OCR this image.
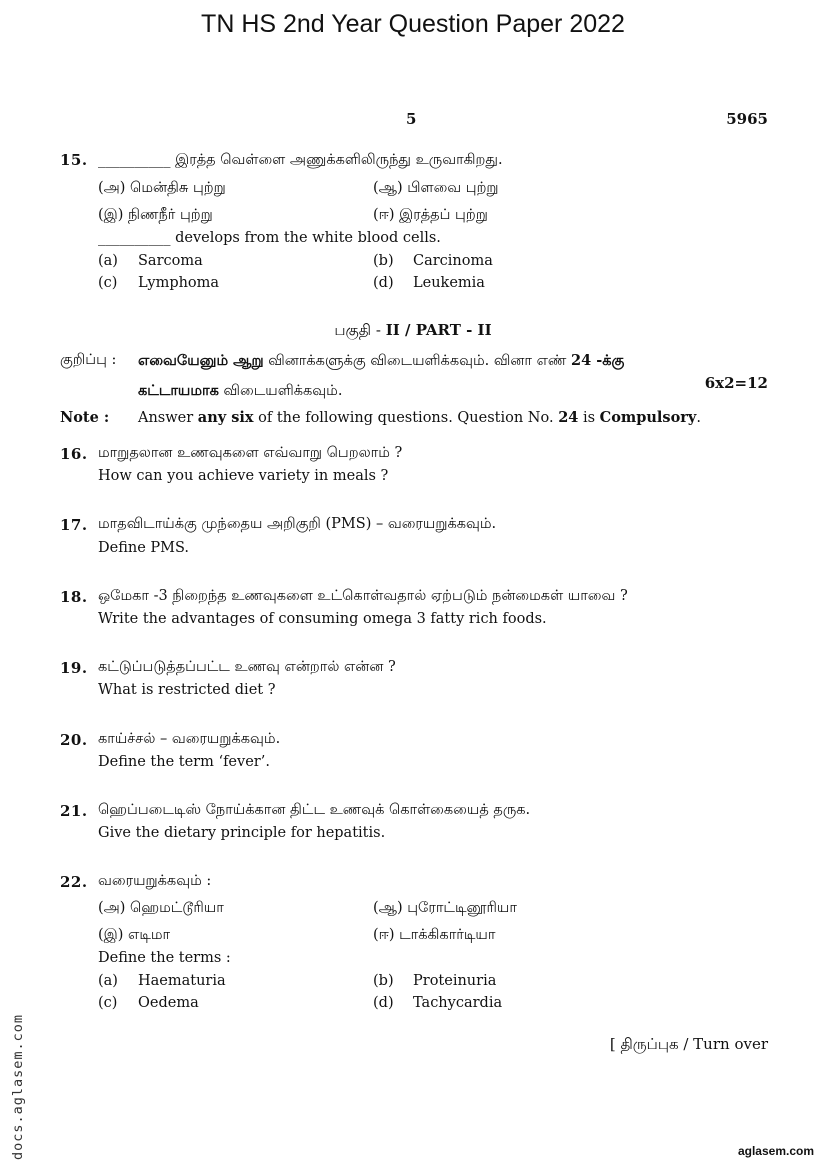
TN HS 2nd Year Question Paper 2022
5	5965
15. __________ இரத்த வெள்ளை அணுக்களிலிருந்து உருவாகிறது.
(அ) மென்திசு புற்று	(ஆ) பிளவை புற்று
(இ) நிணநீர் புற்று	(ஈ) இரத்தப் புற்று
__________ develops from the white blood cells.
(a) Sarcoma	(b) Carcinoma
(c) Lymphoma	(d) Leukemia
பகுதி - II / PART - II
குறிப்பு : எவையேனும் ஆறு வினாக்களுக்கு விடையளிக்கவும். வினா எண் 24 -க்கு
கட்டாயமாக விடையளிக்கவும்.	6x2=12
Note : Answer any six of the following questions. Question No. 24 is Compulsory.
16. மாறுதலான உணவுகளை எவ்வாறு பெறலாம் ?
How can you achieve variety in meals ?
17. மாதவிடாய்க்கு முந்தைய அறிகுறி (PMS) – வரையறுக்கவும்.
Define PMS.
18. ஒமேகா -3 நிறைந்த உணவுகளை உட்கொள்வதால் ஏற்படும் நன்மைகள் யாவை ?
Write the advantages of consuming omega 3 fatty rich foods.
19. கட்டுப்படுத்தப்பட்ட உணவு என்றால் என்ன ?
What is restricted diet ?
20. காய்ச்சல் – வரையறுக்கவும்.
Define the term ‘fever’.
21. ஹெப்படைடிஸ் நோய்க்கான திட்ட உணவுக் கொள்கையைத் தருக.
Give the dietary principle for hepatitis.
22. வரையறுக்கவும் :
(அ) ஹெமட்டூரியா	(ஆ) புரோட்டினூரியா
(இ) எடிமா	(ஈ) டாக்கிகார்டியா
Define the terms :
(a) Haematuria	(b) Proteinuria
(c) Oedema	(d) Tachycardia
[ திருப்புக / Turn over
docs.aglasem.com	aglasem.com
